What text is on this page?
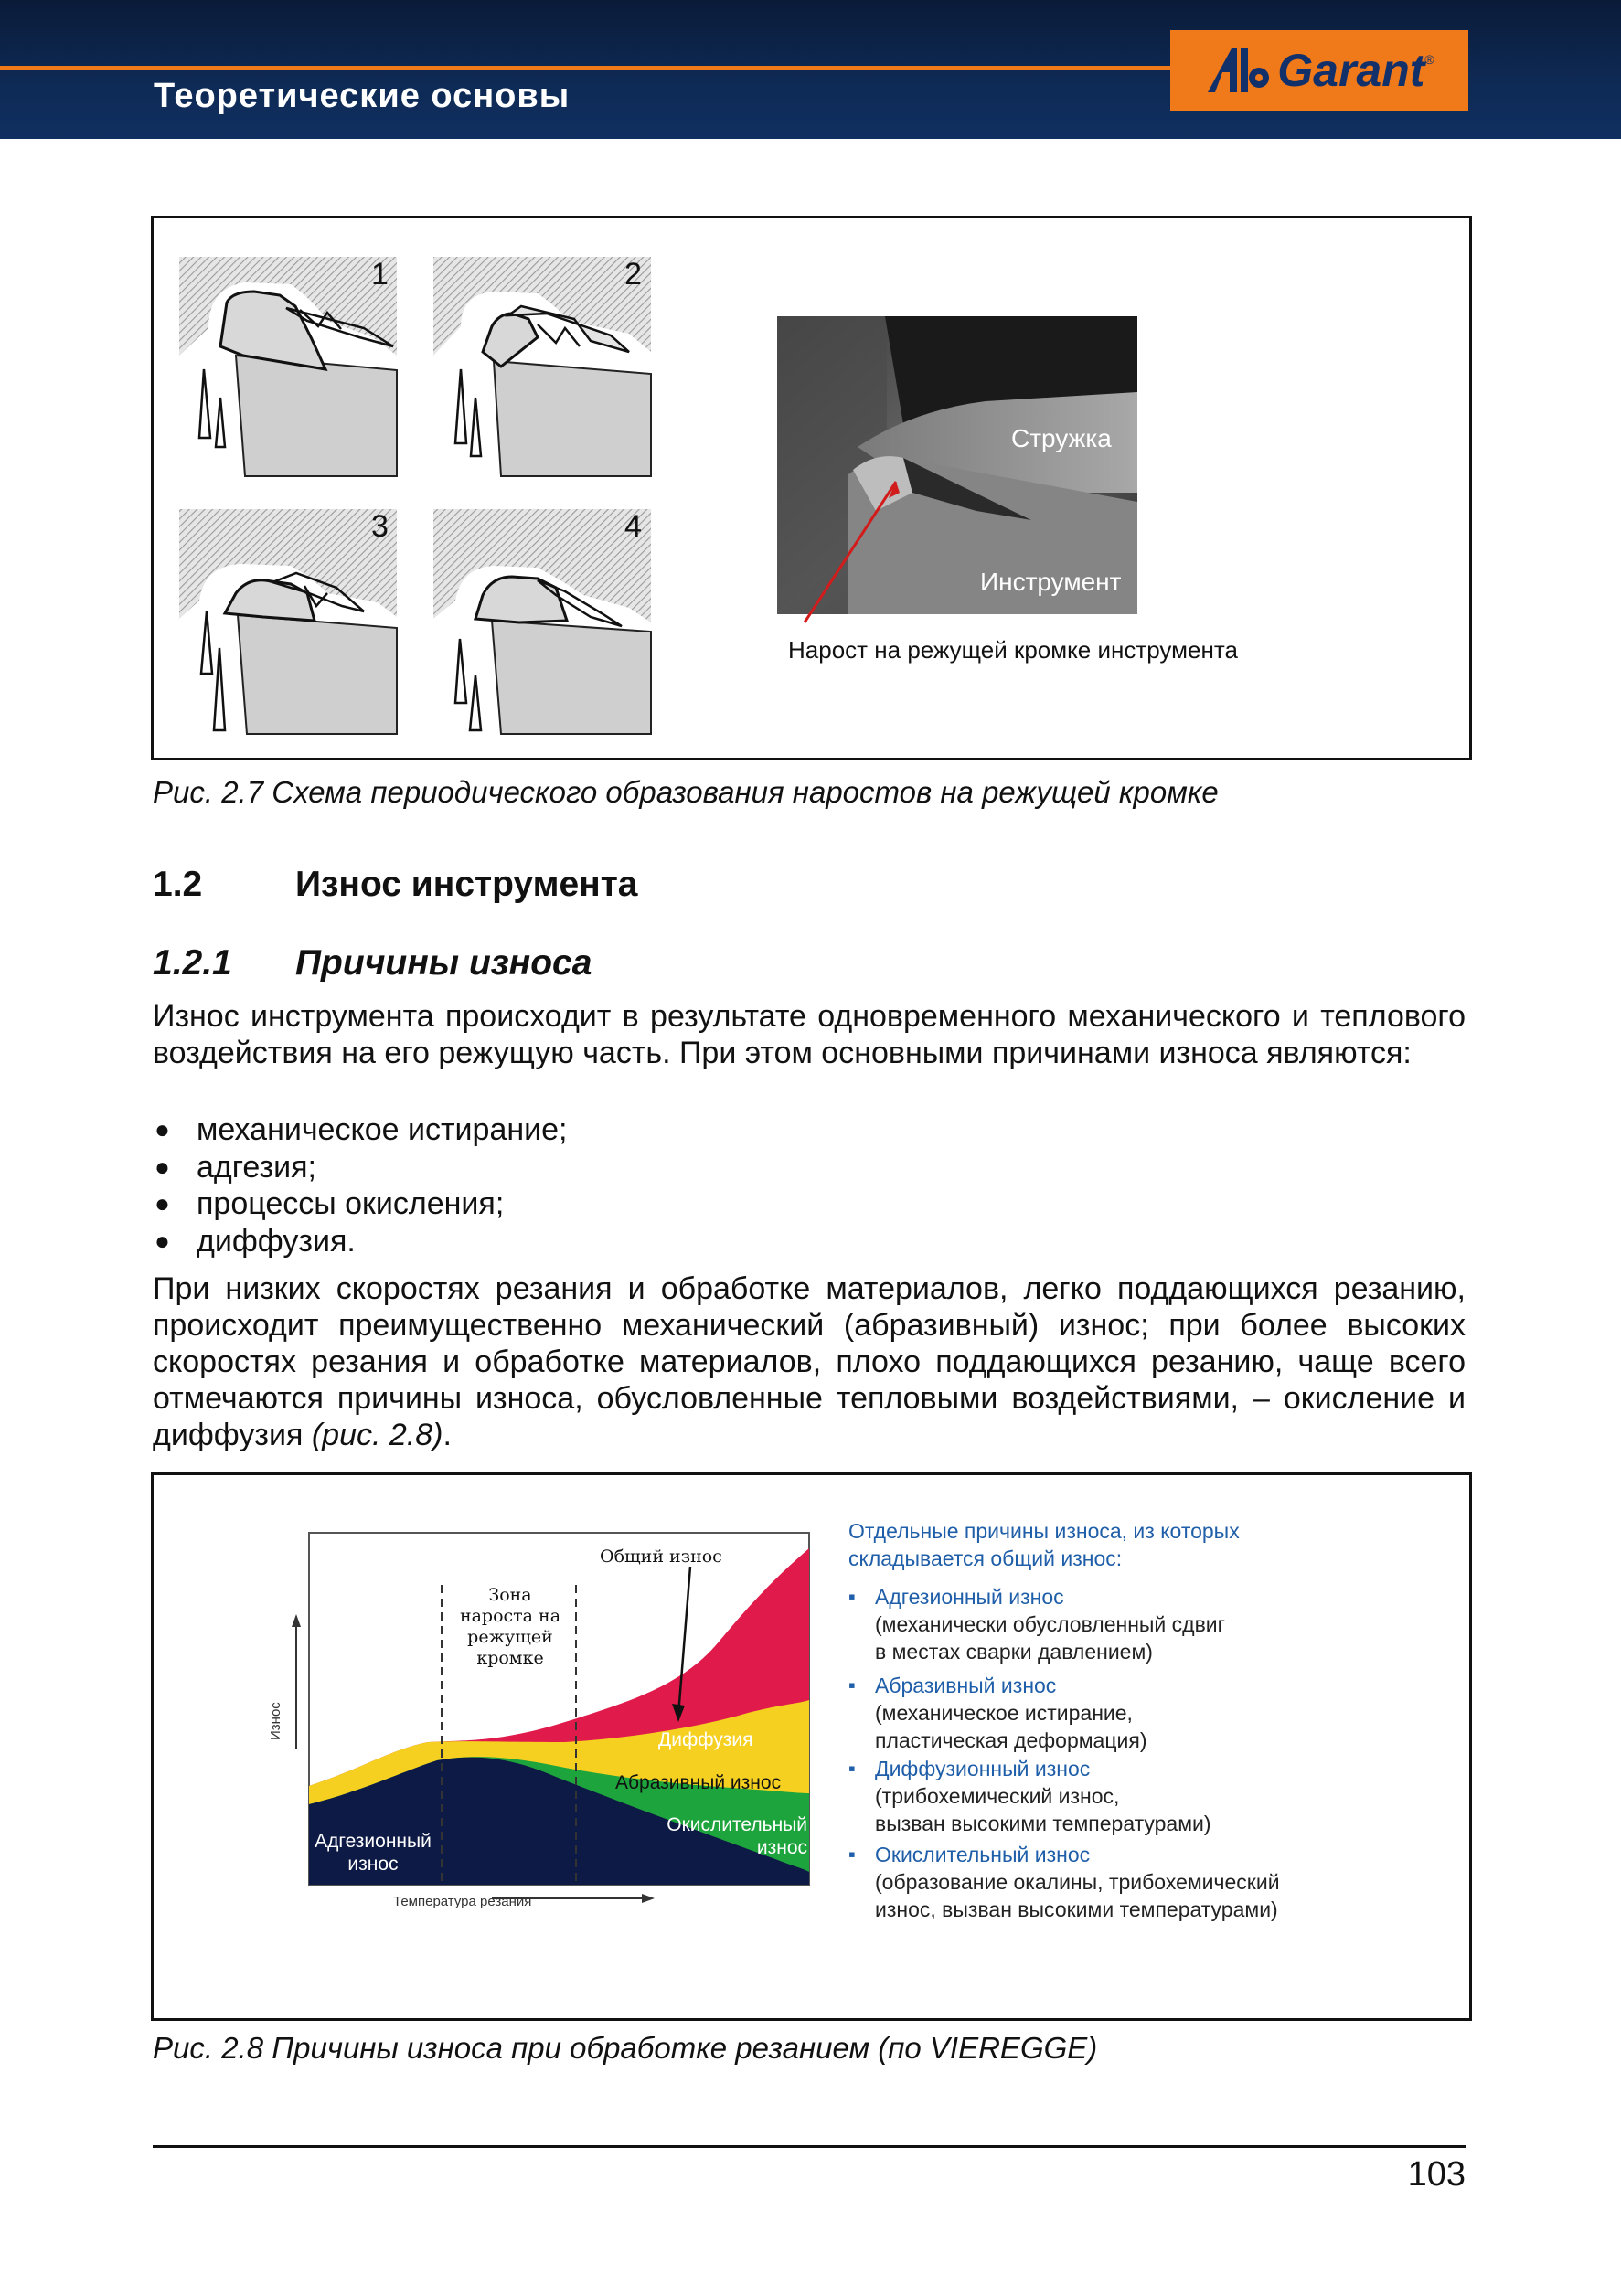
Теоретические основы	Garant ®
1	2
3	4
Стружка
Инструмент
Нарост на режущей кромке инструмента
Рис. 2.7 Схема периодического образования наростов на режущей кромке
1.2	Износ инструмента
1.2.1 Причины износа
Износ инструмента происходит в результате одновременного механического и теплового воздействия на его режущую часть. При этом основными причинами износа являются:
● механическое истирание;
● адгезия;
● процессы окисления;
● диффузия.
При низких скоростях резания и обработке материалов, легко поддающихся резанию, происходит преимущественно механический (абразивный) износ; при более высоких скоростях резания и обработке материалов, плохо поддающихся резанию, чаще всего отмечаются причины износа, обусловленные тепловыми воздействиями, – окисление и диффузия (рис. 2.8).
Зона
нароста на
режущей
кромке
Общий износ
Диффузия
Абразивный износ
Окислительный
износ
Адгезионный
износ
Износ
Температура резания
Отдельные причины износа, из которых
складывается общий износ:
▪ Адгезионный износ
(механически обусловленный сдвиг
в местах сварки давлением)
▪ Абразивный износ
(механическое истирание,
пластическая деформация)
▪ Диффузионный износ
(трибохемический износ,
вызван высокими температурами)
▪ Окислительный износ
(образование окалины, трибохемический
износ, вызван высокими температурами)
Рис. 2.8 Причины износа при обработке резанием (по VIEREGGE)
103
